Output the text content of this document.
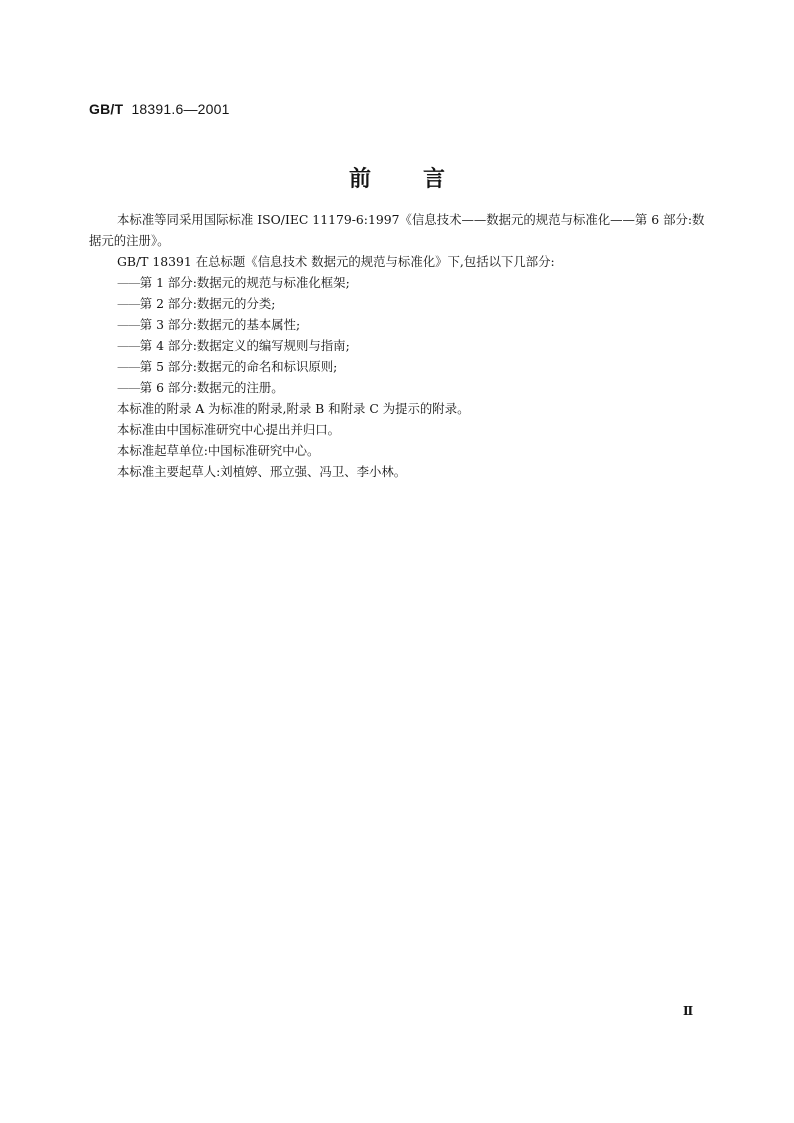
GB/T 18391.6—2001
前言

本标准等同采用国际标准 ISO/IEC 11179-6:1997《信息技术——数据元的规范与标准化——第 6 部分:数据元的注册》。

GB/T 18391 在总标题《信息技术 数据元的规范与标准化》下,包括以下几部分:

——第 1 部分:数据元的规范与标准化框架;

——第 2 部分:数据元的分类;

——第 3 部分:数据元的基本属性;

——第 4 部分:数据定义的编写规则与指南;

——第 5 部分:数据元的命名和标识原则;

——第 6 部分:数据元的注册。

本标准的附录 A 为标准的附录,附录 B 和附录 C 为提示的附录。

本标准由中国标准研究中心提出并归口。

本标准起草单位:中国标准研究中心。

本标准主要起草人:刘植婷、邢立强、冯卫、李小林。

Ⅱ
